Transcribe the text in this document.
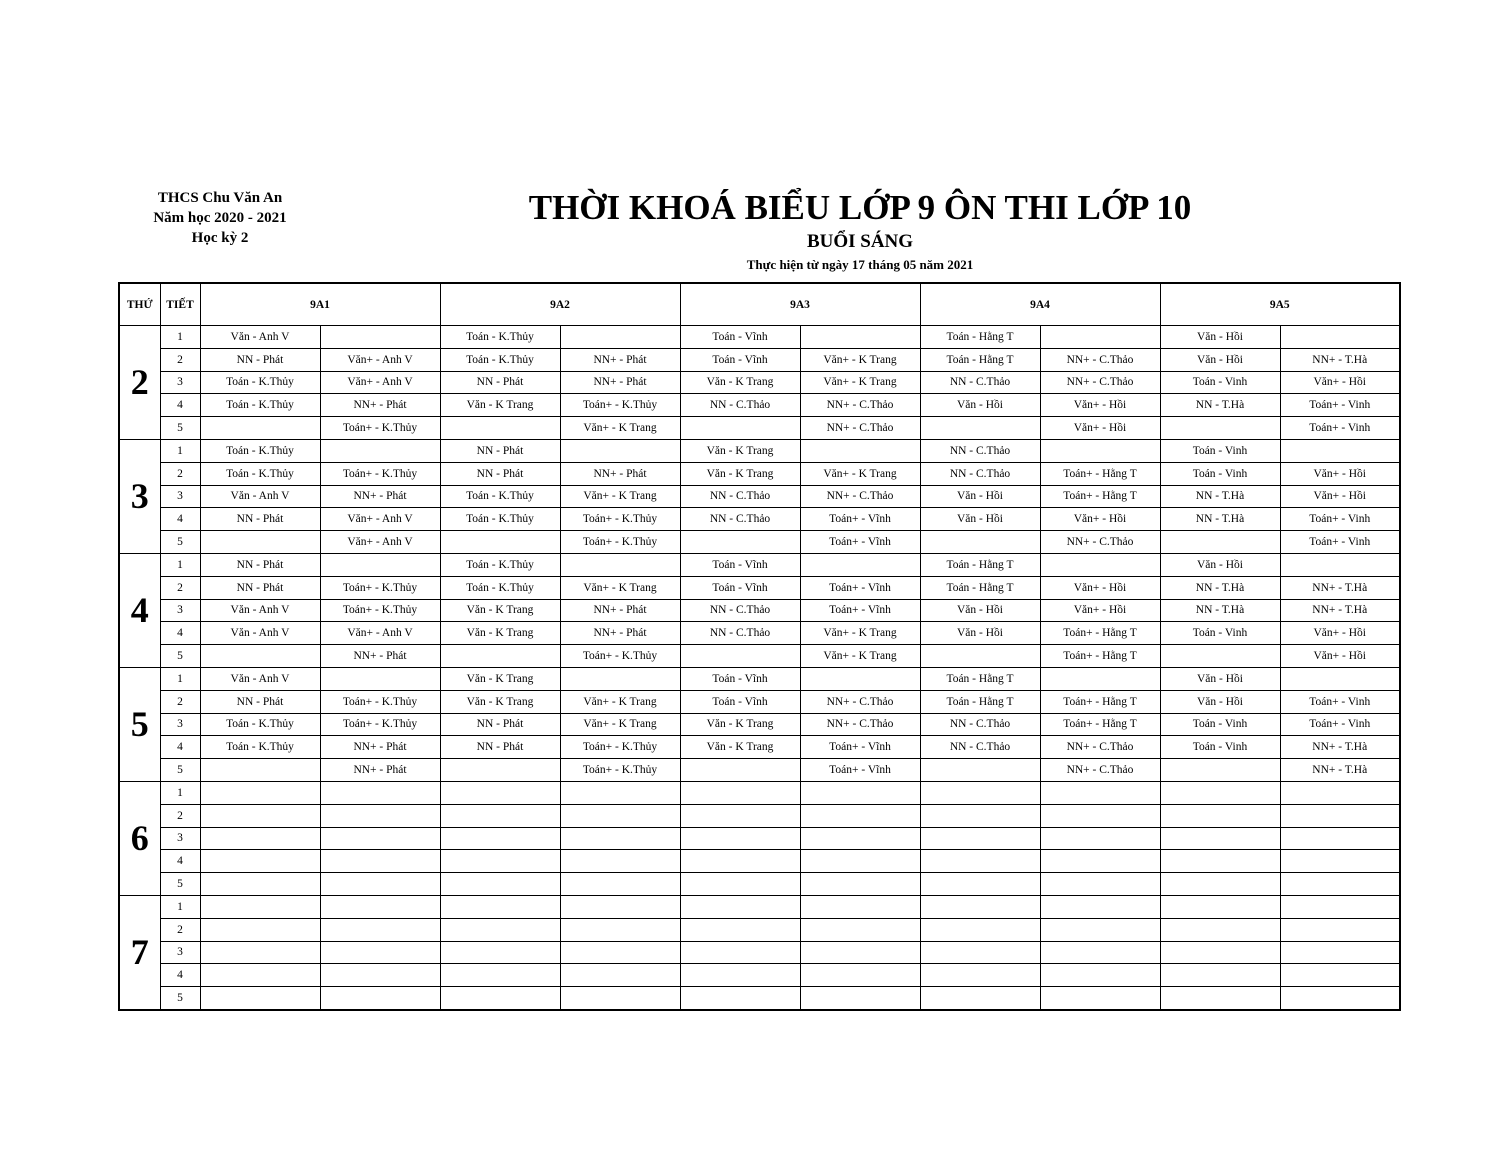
THCS Chu Văn An
Năm học 2020 - 2021
Học kỳ 2
THỜI KHOÁ BIỂU LỚP 9 ÔN THI LỚP 10
BUỔI SÁNG
Thực hiện từ ngày 17 tháng 05 năm 2021
THỨ	TIẾT	9A1		9A2		9A3		9A4		9A5	
2	1	Văn - Anh V		Toán - K.Thủy		Toán - Vĩnh		Toán - Hằng T		Văn - Hồi	
	2	NN - Phát	Văn+ - Anh V	Toán - K.Thủy	NN+ - Phát	Toán - Vĩnh	Văn+ - K Trang	Toán - Hằng T	NN+ - C.Thảo	Văn - Hồi	NN+ - T.Hà
	3	Toán - K.Thủy	Văn+ - Anh V	NN - Phát	NN+ - Phát	Văn - K Trang	Văn+ - K Trang	NN - C.Thảo	NN+ - C.Thảo	Toán - Vinh	Văn+ - Hồi
	4	Toán - K.Thủy	NN+ - Phát	Văn - K Trang	Toán+ - K.Thủy	NN - C.Thảo	NN+ - C.Thảo	Văn - Hồi	Văn+ - Hồi	NN - T.Hà	Toán+ - Vinh
	5		Toán+ - K.Thủy		Văn+ - K Trang		NN+ - C.Thảo		Văn+ - Hồi		Toán+ - Vinh
3	1	Toán - K.Thủy		NN - Phát		Văn - K Trang		NN - C.Thảo		Toán - Vinh	
	2	Toán - K.Thủy	Toán+ - K.Thủy	NN - Phát	NN+ - Phát	Văn - K Trang	Văn+ - K Trang	NN - C.Thảo	Toán+ - Hằng T	Toán - Vinh	Văn+ - Hồi
	3	Văn - Anh V	NN+ - Phát	Toán - K.Thủy	Văn+ - K Trang	NN - C.Thảo	NN+ - C.Thảo	Văn - Hồi	Toán+ - Hằng T	NN - T.Hà	Văn+ - Hồi
	4	NN - Phát	Văn+ - Anh V	Toán - K.Thủy	Toán+ - K.Thủy	NN - C.Thảo	Toán+ - Vĩnh	Văn - Hồi	Văn+ - Hồi	NN - T.Hà	Toán+ - Vinh
	5		Văn+ - Anh V		Toán+ - K.Thủy		Toán+ - Vĩnh		NN+ - C.Thảo		Toán+ - Vinh
4	1	NN - Phát		Toán - K.Thủy		Toán - Vĩnh		Toán - Hằng T		Văn - Hồi	
	2	NN - Phát	Toán+ - K.Thủy	Toán - K.Thủy	Văn+ - K Trang	Toán - Vĩnh	Toán+ - Vĩnh	Toán - Hằng T	Văn+ - Hồi	NN - T.Hà	NN+ - T.Hà
	3	Văn - Anh V	Toán+ - K.Thủy	Văn - K Trang	NN+ - Phát	NN - C.Thảo	Toán+ - Vĩnh	Văn - Hồi	Văn+ - Hồi	NN - T.Hà	NN+ - T.Hà
	4	Văn - Anh V	Văn+ - Anh V	Văn - K Trang	NN+ - Phát	NN - C.Thảo	Văn+ - K Trang	Văn - Hồi	Toán+ - Hằng T	Toán - Vinh	Văn+ - Hồi
	5		NN+ - Phát		Toán+ - K.Thủy		Văn+ - K Trang		Toán+ - Hằng T		Văn+ - Hồi
5	1	Văn - Anh V		Văn - K Trang		Toán - Vĩnh		Toán - Hằng T		Văn - Hồi	
	2	NN - Phát	Toán+ - K.Thủy	Văn - K Trang	Văn+ - K Trang	Toán - Vĩnh	NN+ - C.Thảo	Toán - Hằng T	Toán+ - Hằng T	Văn - Hồi	Toán+ - Vinh
	3	Toán - K.Thủy	Toán+ - K.Thủy	NN - Phát	Văn+ - K Trang	Văn - K Trang	NN+ - C.Thảo	NN - C.Thảo	Toán+ - Hằng T	Toán - Vinh	Toán+ - Vinh
	4	Toán - K.Thủy	NN+ - Phát	NN - Phát	Toán+ - K.Thủy	Văn - K Trang	Toán+ - Vĩnh	NN - C.Thảo	NN+ - C.Thảo	Toán - Vinh	NN+ - T.Hà
	5		NN+ - Phát		Toán+ - K.Thủy		Toán+ - Vĩnh		NN+ - C.Thảo		NN+ - T.Hà
6	1										
	2										
	3										
	4										
	5										
7	1										
	2										
	3										
	4										
	5										
